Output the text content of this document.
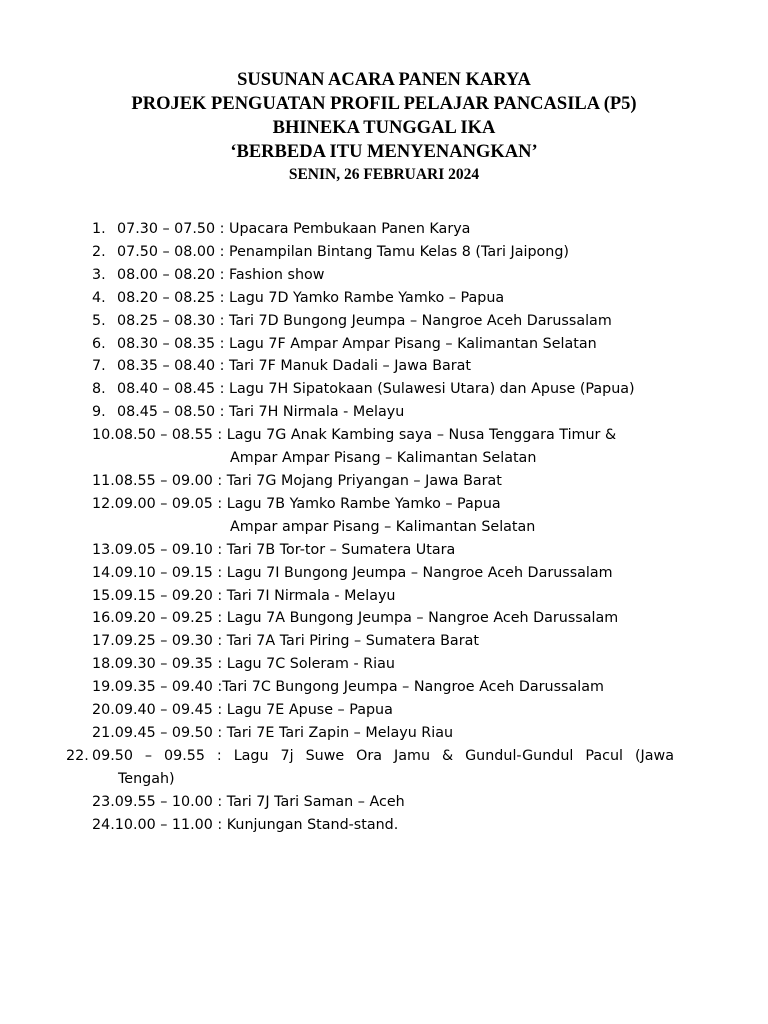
SUSUNAN ACARA PANEN KARYA
PROJEK PENGUATAN PROFIL PELAJAR PANCASILA (P5)
BHINEKA TUNGGAL IKA
‘BERBEDA ITU MENYENANGKAN’
SENIN, 26 FEBRUARI 2024
1. 07.30 – 07.50 : Upacara Pembukaan Panen Karya
2. 07.50 – 08.00 : Penampilan Bintang Tamu Kelas 8 (Tari Jaipong)
3. 08.00 – 08.20 : Fashion show
4. 08.20 – 08.25 : Lagu 7D Yamko Rambe Yamko – Papua
5. 08.25 – 08.30 : Tari 7D Bungong Jeumpa – Nangroe Aceh Darussalam
6. 08.30 – 08.35 : Lagu 7F Ampar Ampar Pisang – Kalimantan Selatan
7. 08.35 – 08.40 : Tari 7F Manuk Dadali – Jawa Barat
8. 08.40 – 08.45 : Lagu 7H Sipatokaan (Sulawesi Utara) dan Apuse (Papua)
9. 08.45 – 08.50 : Tari 7H Nirmala - Melayu
10.08.50 – 08.55 : Lagu 7G Anak Kambing saya – Nusa Tenggara Timur &
Ampar Ampar Pisang – Kalimantan Selatan
11.08.55 – 09.00 : Tari 7G Mojang Priyangan – Jawa Barat
12.09.00 – 09.05 : Lagu 7B Yamko Rambe Yamko – Papua
Ampar ampar Pisang – Kalimantan Selatan
13.09.05 – 09.10 : Tari 7B Tor-tor – Sumatera Utara
14.09.10 – 09.15 : Lagu 7I Bungong Jeumpa – Nangroe Aceh Darussalam
15.09.15 – 09.20 : Tari 7I Nirmala - Melayu
16.09.20 – 09.25 : Lagu 7A Bungong Jeumpa – Nangroe Aceh Darussalam
17.09.25 – 09.30 : Tari 7A Tari Piring – Sumatera Barat
18.09.30 – 09.35 : Lagu 7C Soleram - Riau
19.09.35 – 09.40 :Tari 7C Bungong Jeumpa – Nangroe Aceh Darussalam
20.09.40 – 09.45 : Lagu 7E Apuse – Papua
21.09.45 – 09.50 : Tari 7E Tari Zapin – Melayu Riau
22. 09.50 – 09.55 : Lagu 7j Suwe Ora Jamu & Gundul-Gundul Pacul (Jawa Tengah)
23.09.55 – 10.00 : Tari 7J Tari Saman – Aceh
24.10.00 – 11.00 : Kunjungan Stand-stand.
